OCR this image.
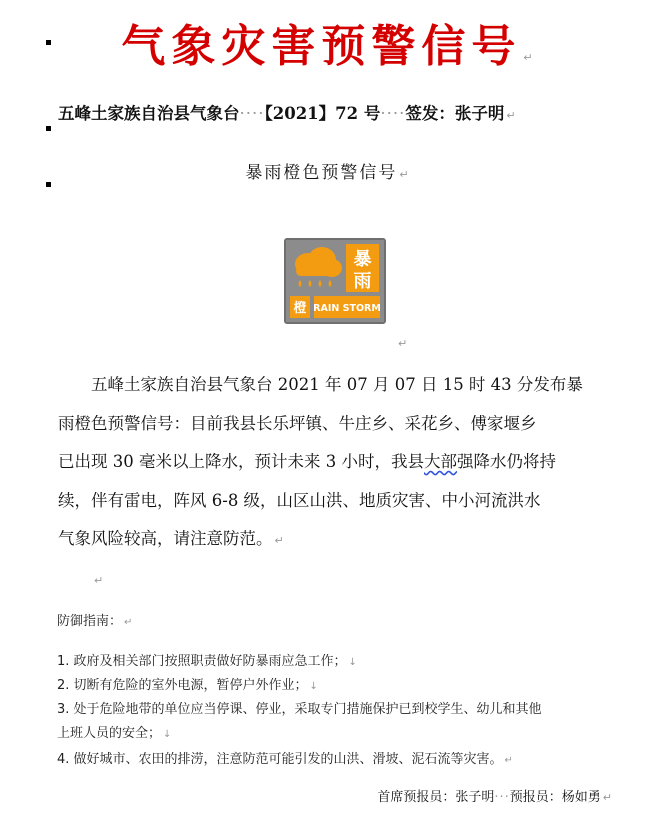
气象灾害预警信号 ↵
五峰土家族自治县气象台····【2021】72 号····签发：张子明 ↵
暴雨橙色预警信号 ↵
暴
雨
橙 RAIN STORM
↵
五峰土家族自治县气象台 2021 年 07 月 07 日 15 时 43 分发布暴
雨橙色预警信号：目前我县长乐坪镇、牛庄乡、采花乡、傅家堰乡
已出现 30 毫米以上降水，预计未来 3 小时，我县大部强降水仍将持
续，伴有雷电，阵风 6-8 级，山区山洪、地质灾害、中小河流洪水
气象风险较高，请注意防范。 ↵
↵
防御指南： ↵
1. 政府及相关部门按照职责做好防暴雨应急工作； ↓
2. 切断有危险的室外电源，暂停户外作业； ↓
3. 处于危险地带的单位应当停课、停业，采取专门措施保护已到校学生、幼儿和其他
上班人员的安全； ↓
4. 做好城市、农田的排涝，注意防范可能引发的山洪、滑坡、泥石流等灾害。 ↵
首席预报员：张子明···预报员：杨如勇 ↵
